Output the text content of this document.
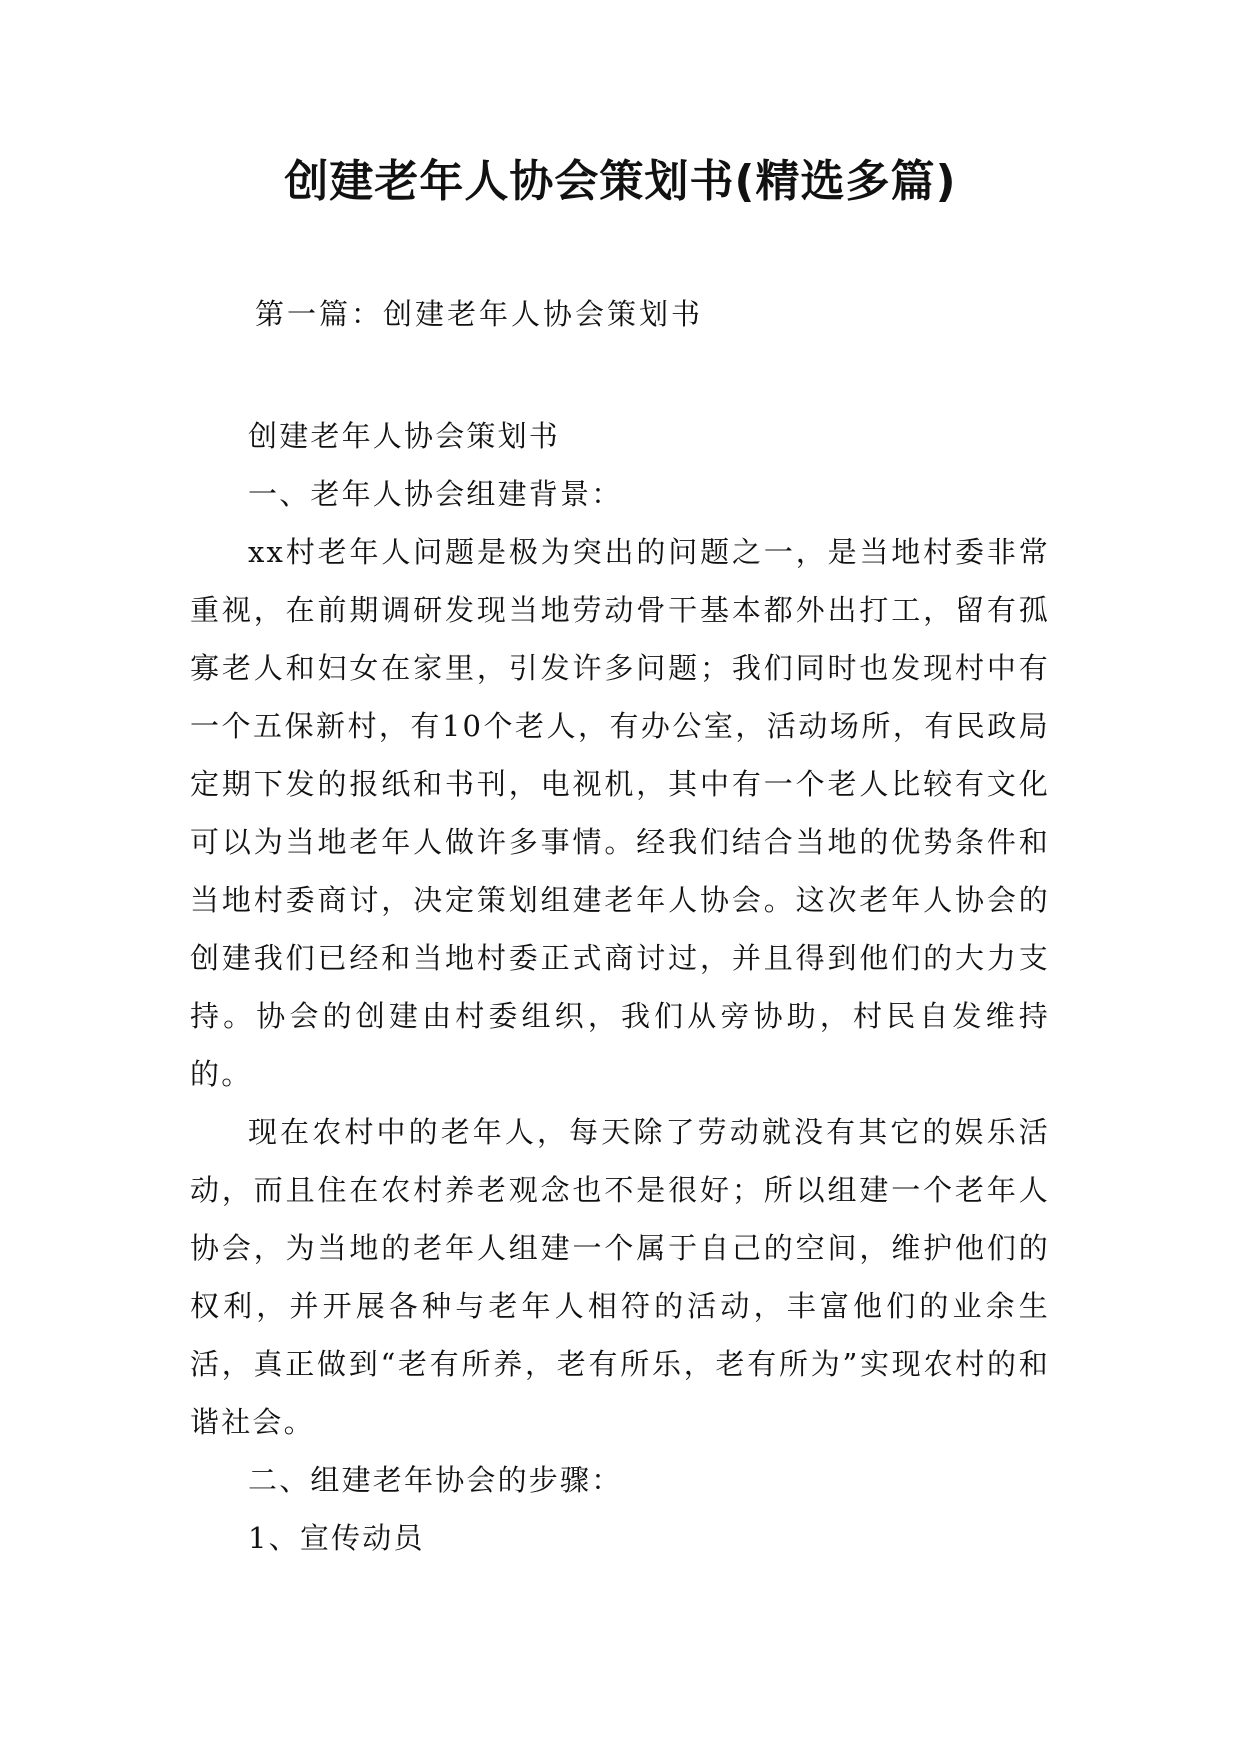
创建老年人协会策划书(精选多篇)

第一篇：创建老年人协会策划书

创建老年人协会策划书

一、老年人协会组建背景：

xx村老年人问题是极为突出的问题之一，是当地村委非常重视，在前期调研发现当地劳动骨干基本都外出打工，留有孤寡老人和妇女在家里，引发许多问题；我们同时也发现村中有一个五保新村，有10个老人，有办公室，活动场所，有民政局定期下发的报纸和书刊，电视机，其中有一个老人比较有文化可以为当地老年人做许多事情。经我们结合当地的优势条件和当地村委商讨，决定策划组建老年人协会。这次老年人协会的创建我们已经和当地村委正式商讨过，并且得到他们的大力支持。协会的创建由村委组织，我们从旁协助，村民自发维持的。

现在农村中的老年人，每天除了劳动就没有其它的娱乐活动，而且住在农村养老观念也不是很好；所以组建一个老年人协会，为当地的老年人组建一个属于自己的空间，维护他们的权利，并开展各种与老年人相符的活动，丰富他们的业余生活，真正做到“老有所养，老有所乐，老有所为”实现农村的和谐社会。

二、组建老年协会的步骤：

1、宣传动员
